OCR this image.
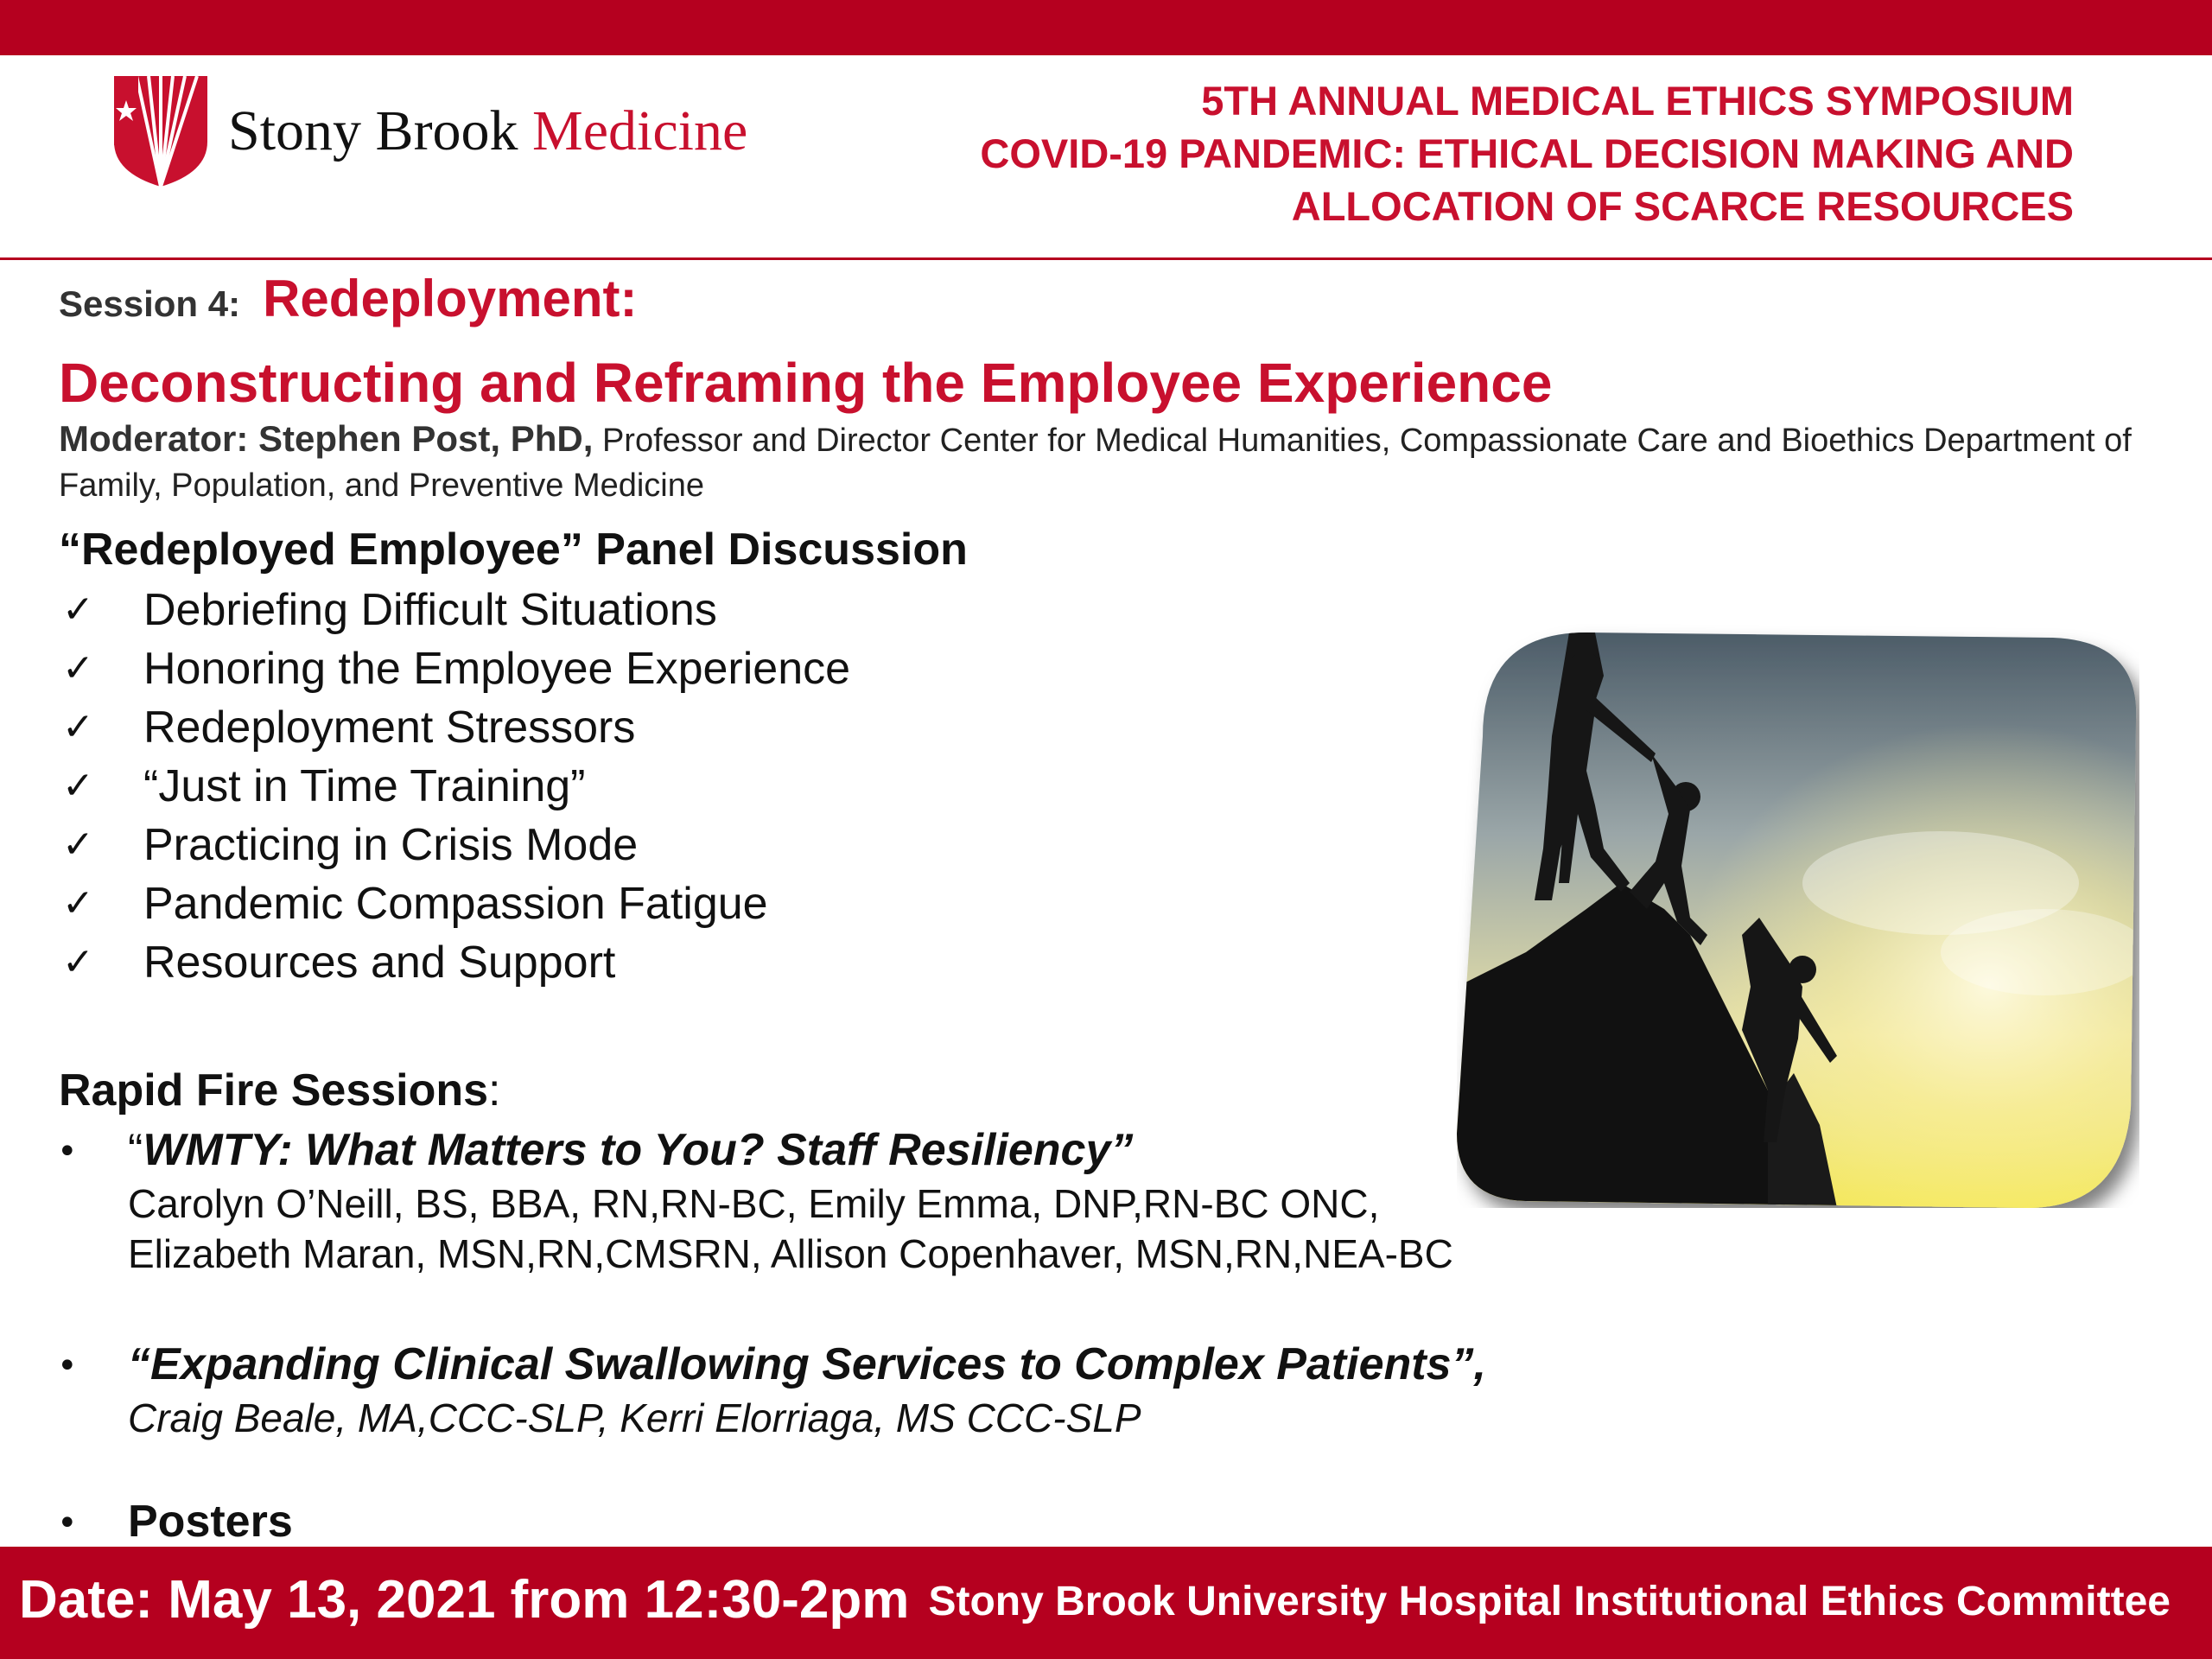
Stony Brook Medicine	5TH ANNUAL MEDICAL ETHICS SYMPOSIUM
COVID-19 PANDEMIC: ETHICAL DECISION MAKING AND
ALLOCATION OF SCARCE RESOURCES
Session 4: Redeployment:
Deconstructing and Reframing the Employee Experience
Moderator: Stephen Post, PhD, Professor and Director Center for Medical Humanities, Compassionate Care and Bioethics Department of Family, Population, and Preventive Medicine
“Redeployed Employee” Panel Discussion
✓ Debriefing Difficult Situations
✓ Honoring the Employee Experience
✓ Redeployment Stressors
✓ “Just in Time Training”
✓ Practicing in Crisis Mode
✓ Pandemic Compassion Fatigue
✓ Resources and Support
Rapid Fire Sessions:
• “WMTY: What Matters to You? Staff Resiliency”
Carolyn O’Neill, BS, BBA, RN,RN-BC, Emily Emma, DNP,RN-BC ONC,
Elizabeth Maran, MSN,RN,CMSRN, Allison Copenhaver, MSN,RN,NEA-BC
• “Expanding Clinical Swallowing Services to Complex Patients”,
Craig Beale, MA,CCC-SLP, Kerri Elorriaga, MS CCC-SLP
• Posters
Date: May 13, 2021 from 12:30-2pm Stony Brook University Hospital Institutional Ethics Committee
